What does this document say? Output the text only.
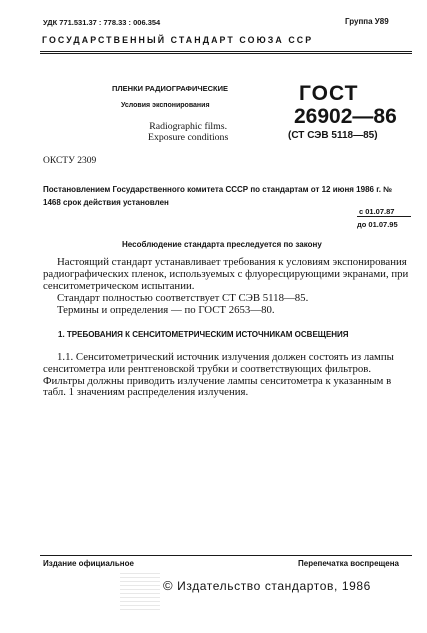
УДК 771.531.37 : 778.33 : 006.354	Группа У89
ГОСУДАРСТВЕННЫЙ СТАНДАРТ СОЮЗА ССР
ПЛЕНКИ РАДИОГРАФИЧЕСКИЕ
Условия экспонирования
Radiographic films.
Exposure conditions
ГОСТ
26902—86
(СТ СЭВ 5118—85)
ОКСТУ 2309
Постановлением Государственного комитета СССР по стандартам от 12 июня 1986 г. № 1468 срок действия установлен
с 01.07.87
до 01.07.95
Несоблюдение стандарта преследуется по закону
Настоящий стандарт устанавливает требования к условиям экспонирования радиографических пленок, используемых с флуоресцирующими экранами, при сенситометрическом испытании.
Стандарт полностью соответствует СТ СЭВ 5118—85.
Термины и определения — по ГОСТ 2653—80.
1. ТРЕБОВАНИЯ К СЕНСИТОМЕТРИЧЕСКИМ ИСТОЧНИКАМ ОСВЕЩЕНИЯ
1.1. Сенситометрический источник излучения должен состоять из лампы сенситометра или рентгеновской трубки и соответствующих фильтров. Фильтры должны приводить излучение лампы сенситометра к указанным в табл. 1 значениям распределения излучения.
Издание официальное	Перепечатка воспрещена
© Издательство стандартов, 1986
